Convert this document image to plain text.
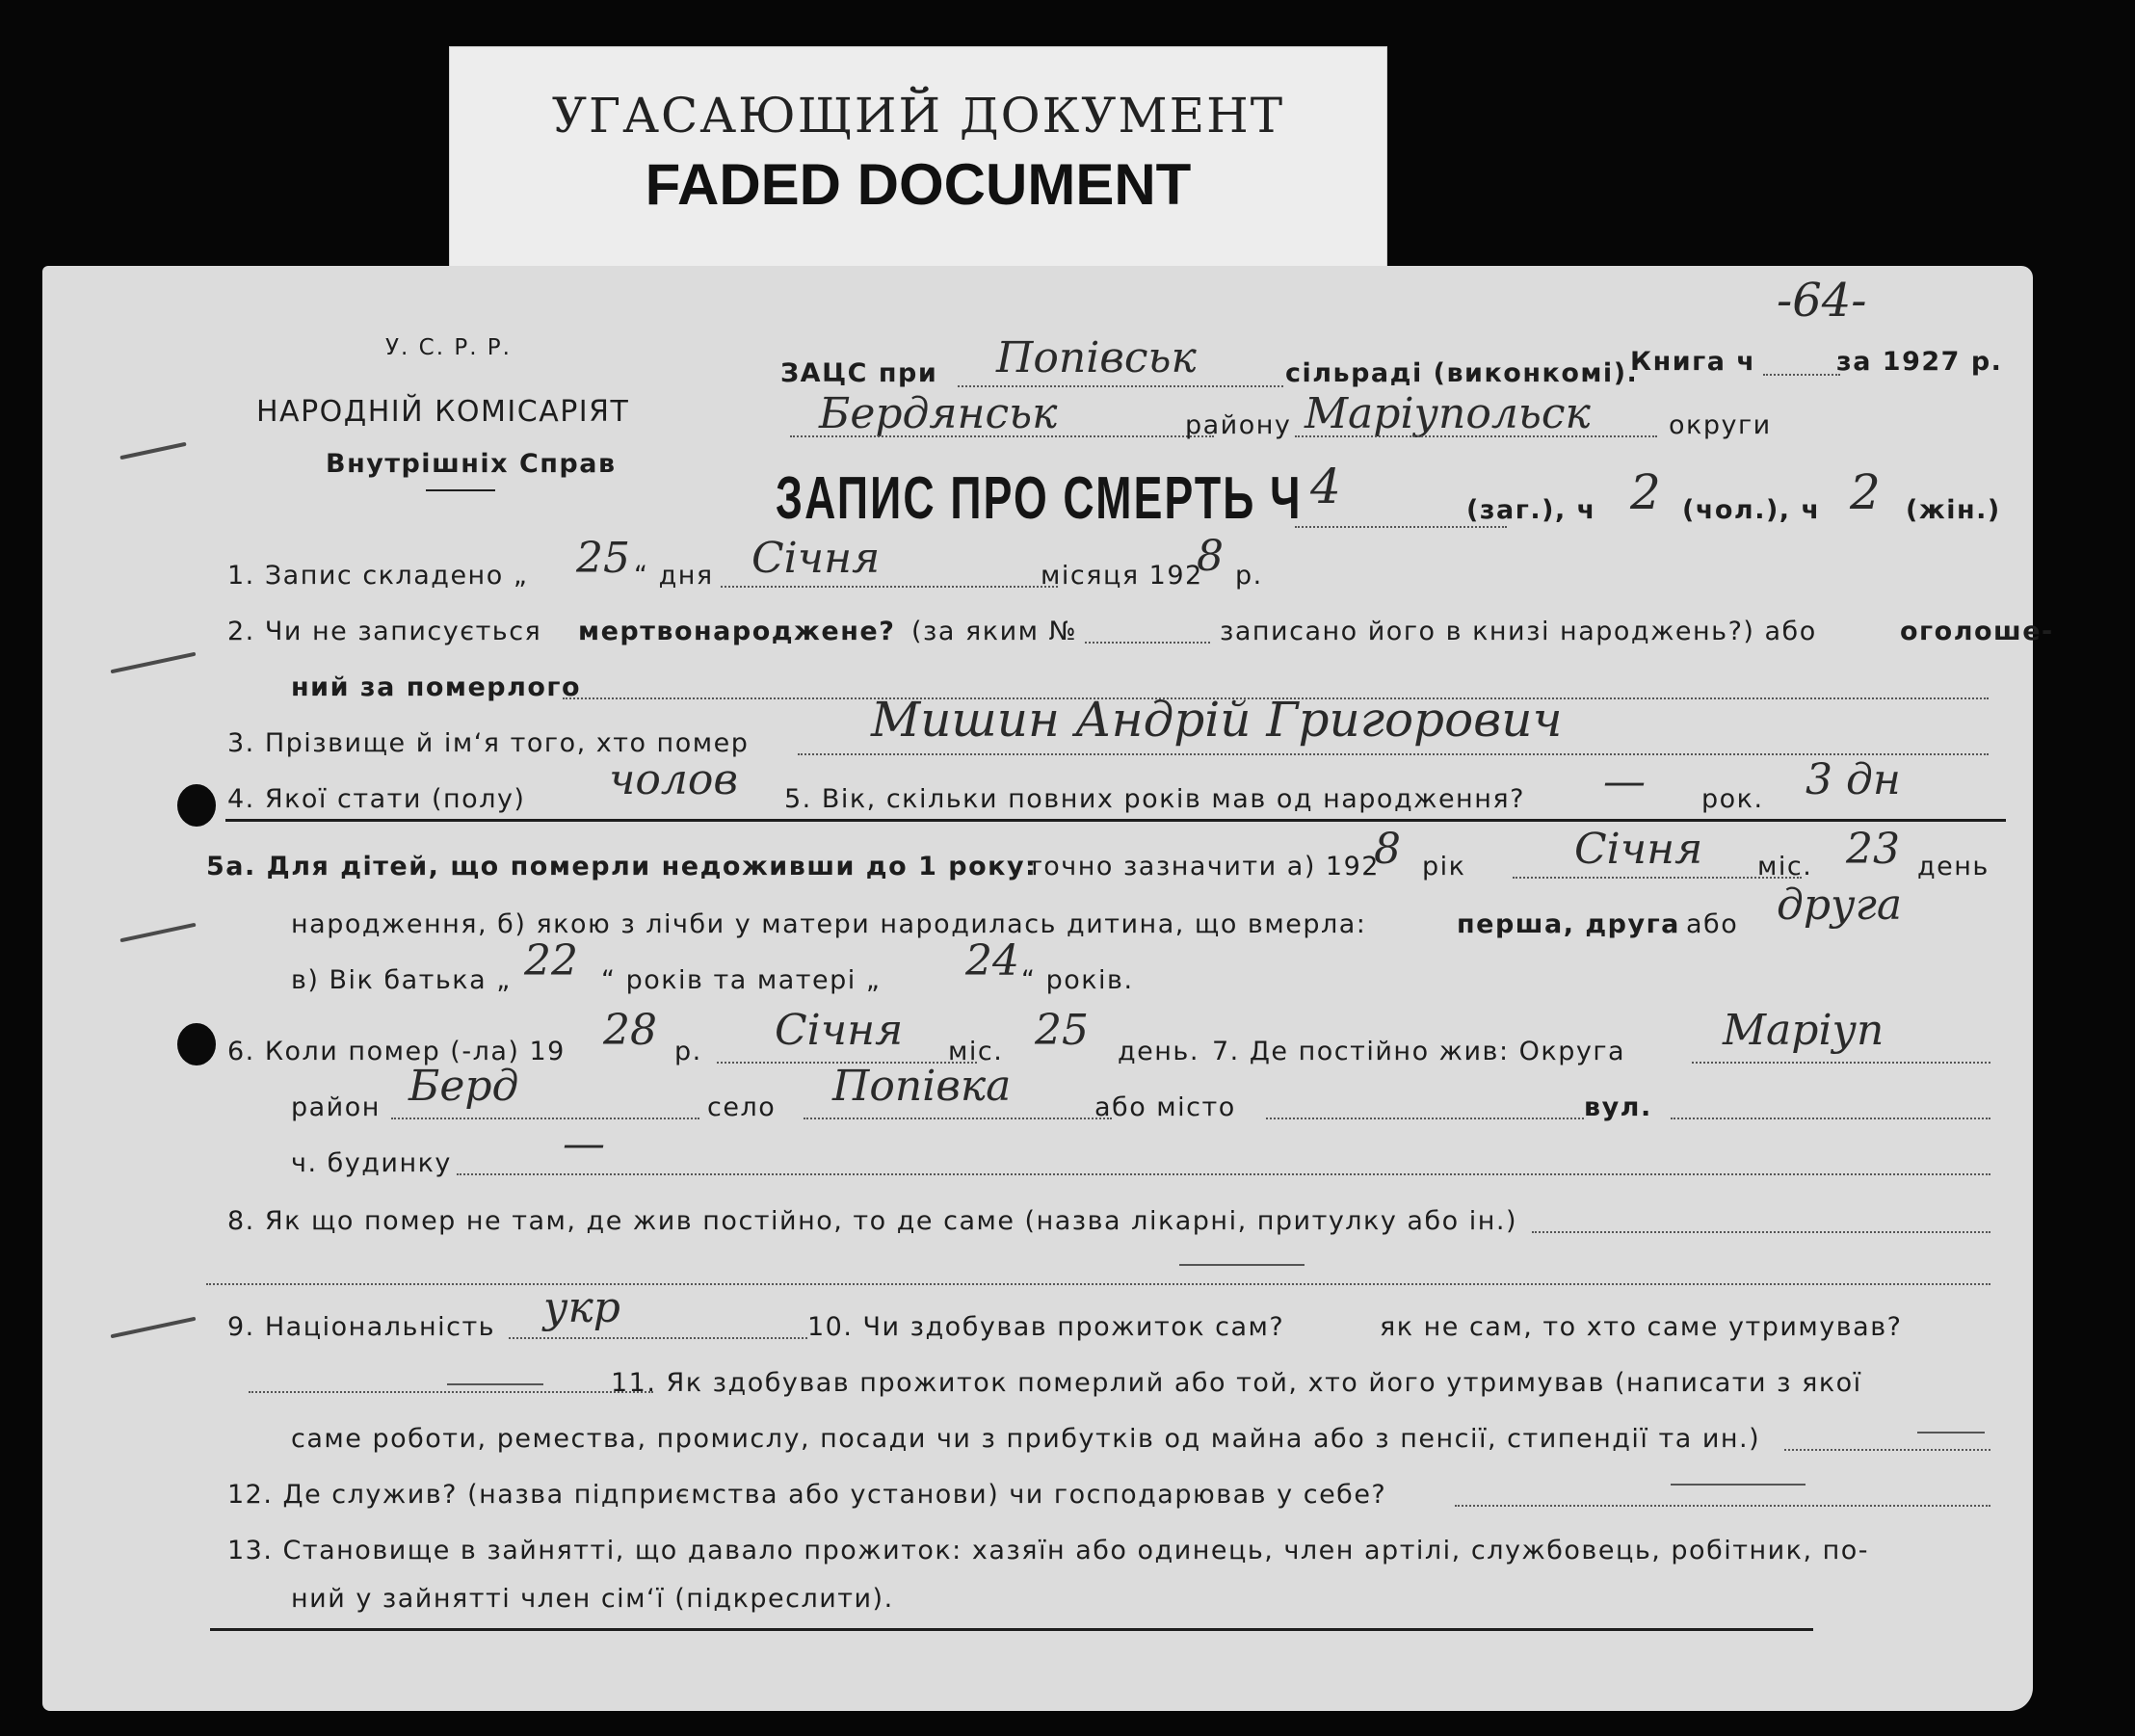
УГАСАЮЩИЙ ДОКУМЕНТ
FADED DOCUMENT
-64-
У. С. Р. Р.
НАРОДНІЙ КОМІСАРІЯТ
Внутрішніх Справ
ЗАЦС при Попівськ	сільраді (виконкомі).
Книга ч	за 1927 р.
Бердянськ	району Маріупольск	округи
ЗАПИС ПРО СМЕРТЬ Ч 4	(заг.), ч 2 (чол.), ч 2 (жін.)
1. Запис складено „ 25 “ дня Січня	місяця 192
8 р.
2. Чи не записується мертвонароджене? (за яким №	записано його в книзі народжень?) або	оголоше-
ний за померлого
3. Прізвище й ім‘я того, хто помер	Мишин Андрій Григорович
4. Якої стати (полу) чолов 5. Вік, скільки повних років мав од народження? — рок. 3 дн
5а. Для дітей, що померли недоживши до 1 року:
точно зазначити а) 192
8 рік	Січня міс. 23 день
народження, б) якою з лічби у матери народилась дитина, що вмерла:	перша, друга або друга
в) Вік батька „ 22 “ років та матері „ 24 “ років.
6. Коли помер (-ла) 19 28 р. Січня міс. 25 день. 7. Де постійно жив: Округа Маріуп
район Берд	село Попівка	або місто	вул.
ч. будинку	—
8. Як що помер не там, де жив постійно, то де саме (назва лікарні, притулку або ін.)
9. Національність укр	10. Чи здобував прожиток сам?	як не сам, то хто саме утримував?
11. Як здобував прожиток померлий або той, хто його утримував (написати з якої
саме роботи, ремества, промислу, посади чи з прибутків од майна або з пенсії, стипендії та ин.)
12. Де служив? (назва підприємства або установи) чи господарював у себе?
13. Становище в зайнятті, що давало прожиток: хазяїн або одинець, член артілі, службовець, робітник, по-
ний у зайнятті член сім‘ї (підкреслити).
